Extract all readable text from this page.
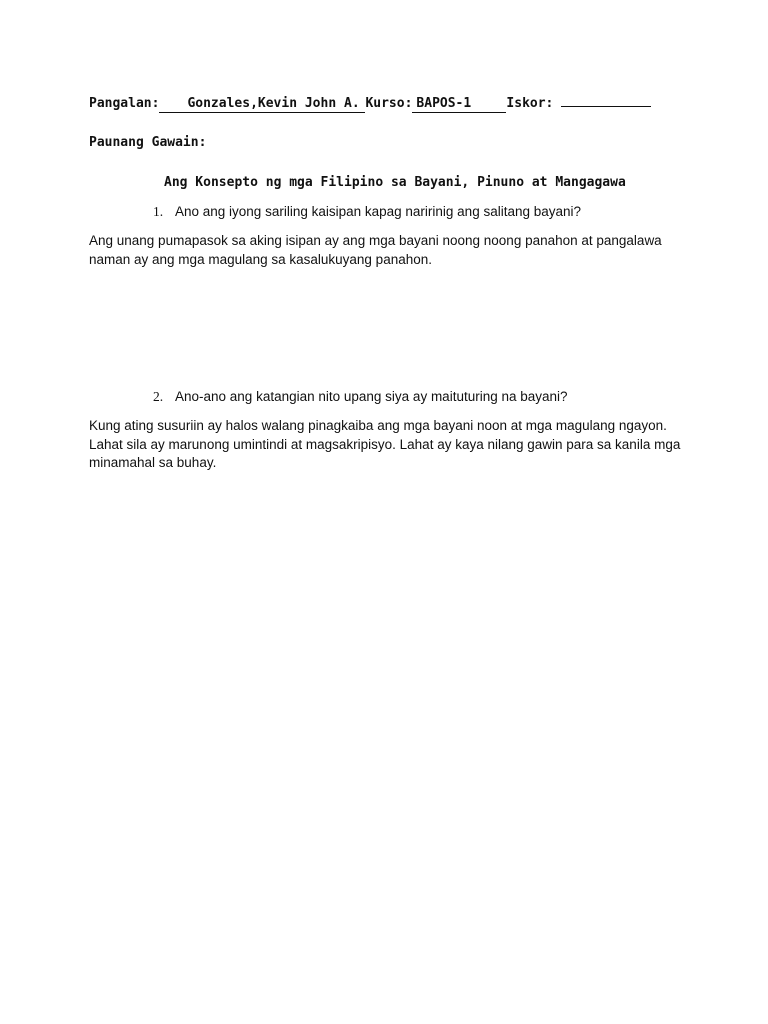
Pangalan: Gonzales,Kevin John A. Kurso: BAPOS-1	Iskor:
Paunang Gawain:
Ang Konsepto ng mga Filipino sa Bayani, Pinuno at Mangagawa
1. Ano ang iyong sariling kaisipan kapag naririnig ang salitang bayani?
Ang unang pumapasok sa aking isipan ay ang mga bayani noong noong panahon at pangalawa naman ay ang mga magulang sa kasalukuyang panahon.
2. Ano-ano ang katangian nito upang siya ay maituturing na bayani?
Kung ating susuriin ay halos walang pinagkaiba ang mga bayani noon at mga magulang ngayon. Lahat sila ay marunong umintindi at magsakripisyo. Lahat ay kaya nilang gawin para sa kanila mga minamahal sa buhay.
